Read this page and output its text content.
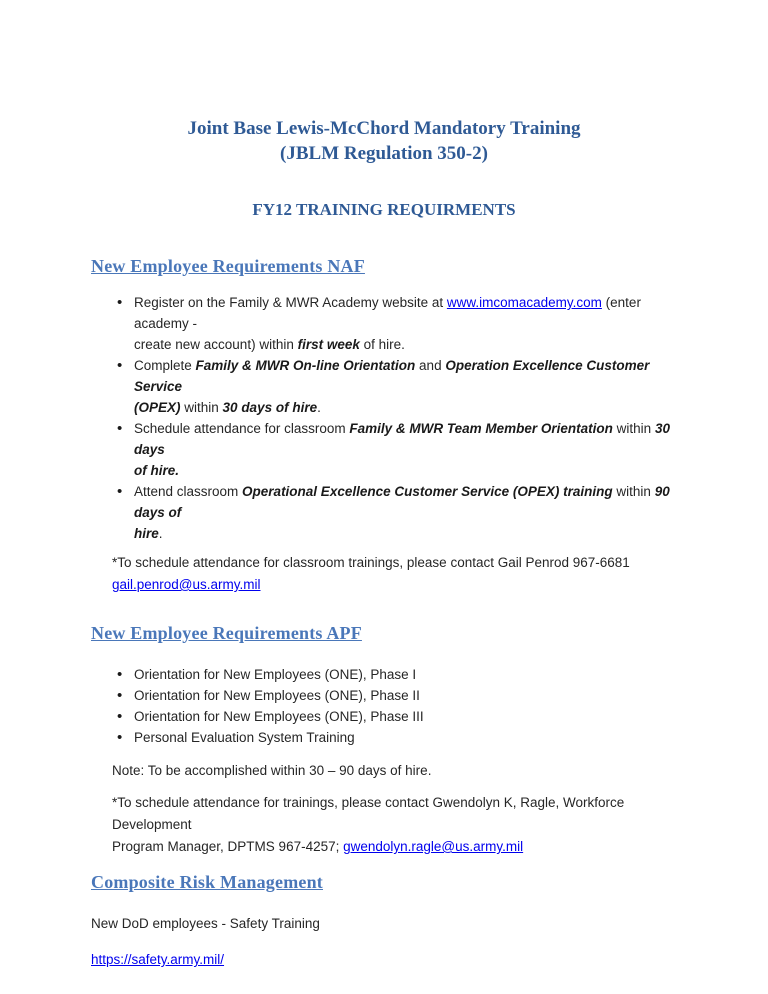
Joint Base Lewis-McChord Mandatory Training
(JBLM Regulation 350-2)
FY12 TRAINING REQUIRMENTS
New Employee Requirements NAF
• Register on the Family & MWR Academy website at www.imcomacademy.com (enter academy -
create new account) within first week of hire.
• Complete Family & MWR On-line Orientation and Operation Excellence Customer Service
(OPEX) within 30 days of hire.
• Schedule attendance for classroom Family & MWR Team Member Orientation within 30 days
of hire.
• Attend classroom Operational Excellence Customer Service (OPEX) training within 90 days of
hire.

*To schedule attendance for classroom trainings, please contact Gail Penrod 967-6681
gail.penrod@us.army.mil

New Employee Requirements APF
• Orientation for New Employees (ONE), Phase I
• Orientation for New Employees (ONE), Phase II
• Orientation for New Employees (ONE), Phase III
• Personal Evaluation System Training

Note: To be accomplished within 30 – 90 days of hire.

*To schedule attendance for trainings, please contact Gwendolyn K, Ragle, Workforce Development
Program Manager, DPTMS 967-4257; gwendolyn.ragle@us.army.mil

Composite Risk Management

New DoD employees - Safety Training

https://safety.army.mil/
